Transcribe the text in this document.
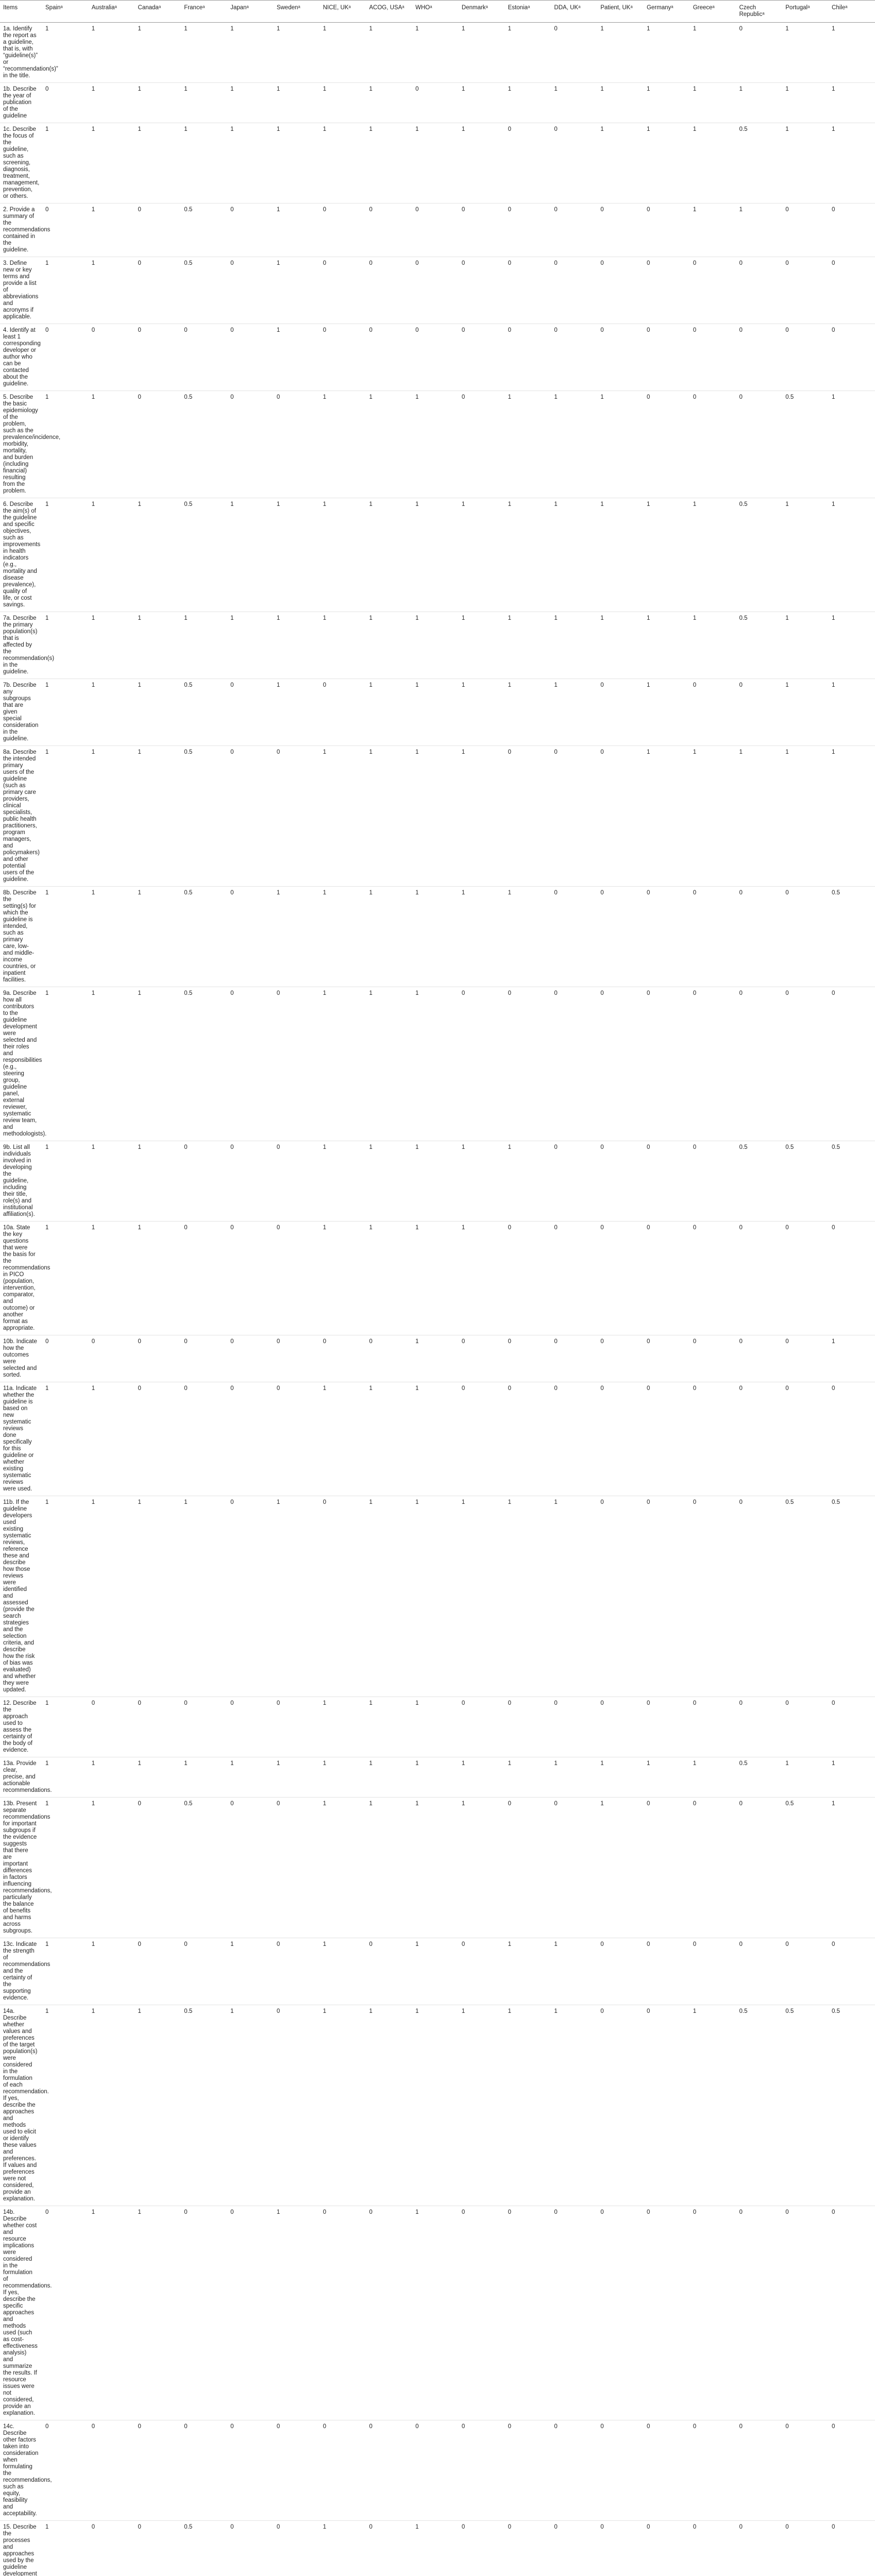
Items	Spainᵃ	Australiaᵃ	Canadaᵃ	Franceᵃ	Japanᵃ	Swedenᵃ	NICE, UKᵃ	ACOG, USAᵃ	WHOᵃ	Denmarkᵃ	Estoniaᵃ	DDA, UKᵃ	Patient, UKᵃ	Germanyᵃ	Greeceᵃ	Czech Republicᵃ	Portugalᵃ	Chileᵃ
1a. Identify the report as a guideline, that is, with “guideline(s)” or “recommendation(s)” in the title.	1	1	1	1	1	1	1	1	1	1	1	0	1	1	1	0	1	1
1b. Describe the year of publication of the guideline	0	1	1	1	1	1	1	1	0	1	1	1	1	1	1	1	1	1
1c. Describe the focus of the guideline, such as screening, diagnosis, treatment, management, prevention, or others.	1	1	1	1	1	1	1	1	1	1	0	0	1	1	1	0.5	1	1
2. Provide a summary of the recommendations contained in the guideline.	0	1	0	0.5	0	1	0	0	0	0	0	0	0	0	1	1	0	0
3. Define new or key terms and provide a list of abbreviations and acronyms if applicable.	1	1	0	0.5	0	1	0	0	0	0	0	0	0	0	0	0	0	0
4. Identify at least 1 corresponding developer or author who can be contacted about the guideline.	0	0	0	0	0	1	0	0	0	0	0	0	0	0	0	0	0	0
5. Describe the basic epidemiology of the problem, such as the prevalence/incidence, morbidity, mortality, and burden (including financial) resulting from the problem.	1	1	0	0.5	0	0	1	1	1	0	1	1	1	0	0	0	0.5	1
6. Describe the aim(s) of the guideline and specific objectives, such as improvements in health indicators (e.g., mortality and disease prevalence), quality of life, or cost savings.	1	1	1	0.5	1	1	1	1	1	1	1	1	1	1	1	0.5	1	1
7a. Describe the primary population(s) that is affected by the recommendation(s) in the guideline.	1	1	1	1	1	1	1	1	1	1	1	1	1	1	1	0.5	1	1
7b. Describe any subgroups that are given special consideration in the guideline.	1	1	1	0.5	0	1	0	1	1	1	1	1	0	1	0	0	1	1
8a. Describe the intended primary users of the guideline (such as primary care providers, clinical specialists, public health practitioners, program managers, and policymakers) and other potential users of the guideline.	1	1	1	0.5	0	0	1	1	1	1	0	0	0	1	1	1	1	1
8b. Describe the setting(s) for which the guideline is intended, such as primary care, low- and middle-income countries, or inpatient facilities.	1	1	1	0.5	0	1	1	1	1	1	1	0	0	0	0	0	0	0.5
9a. Describe how all contributors to the guideline development were selected and their roles and responsibilities (e.g., steering group, guideline panel, external reviewer, systematic review team, and methodologists).	1	1	1	0.5	0	0	1	1	1	0	0	0	0	0	0	0	0	0
9b. List all individuals involved in developing the guideline, including their title, role(s) and institutional affiliation(s).	1	1	1	0	0	0	1	1	1	1	1	0	0	0	0	0.5	0.5	0.5
10a. State the key questions that were the basis for the recommendations in PICO (population, intervention, comparator, and outcome) or another format as appropriate.	1	1	1	0	0	0	1	1	1	1	0	0	0	0	0	0	0	0
10b. Indicate how the outcomes were selected and sorted.	0	0	0	0	0	0	0	0	1	0	0	0	0	0	0	0	0	1
11a. Indicate whether the guideline is based on new systematic reviews done specifically for this guideline or whether existing systematic reviews were used.	1	1	0	0	0	0	1	1	1	0	0	0	0	0	0	0	0	0
11b. If the guideline developers used existing systematic reviews, reference these and describe how those reviews were identified and assessed (provide the search strategies and the selection criteria, and describe how the risk of bias was evaluated) and whether they were updated.	1	1	1	1	0	1	0	1	1	1	1	1	0	0	0	0	0.5	0.5
12. Describe the approach used to assess the certainty of the body of evidence.	1	0	0	0	0	0	1	1	1	0	0	0	0	0	0	0	0	0
13a. Provide clear, precise, and actionable recommendations.	1	1	1	1	1	1	1	1	1	1	1	1	1	1	1	0.5	1	1
13b. Present separate recommendations for important subgroups if the evidence suggests that there are important differences in factors influencing recommendations, particularly the balance of benefits and harms across subgroups.	1	1	0	0.5	0	0	1	1	1	1	0	0	1	0	0	0	0.5	1
13c. Indicate the strength of recommendations and the certainty of the supporting evidence.	1	1	0	0	1	0	1	0	1	0	1	1	0	0	0	0	0	0
14a. Describe whether values and preferences of the target population(s) were considered in the formulation of each recommendation. If yes, describe the approaches and methods used to elicit or identify these values and preferences. If values and preferences were not considered, provide an explanation.	1	1	1	0.5	1	0	1	1	1	1	1	1	0	0	1	0.5	0.5	0.5
14b. Describe whether cost and resource implications were considered in the formulation of recommendations. If yes, describe the specific approaches and methods used (such as cost-effectiveness analysis) and summarize the results. If resource issues were not considered, provide an explanation.	0	1	1	0	0	1	0	0	1	0	0	0	0	0	0	0	0	0
14c. Describe other factors taken into consideration when formulating the recommendations, such as equity, feasibility and acceptability.	0	0	0	0	0	0	0	0	0	0	0	0	0	0	0	0	0	0
15. Describe the processes and approaches used by the guideline development	1	0	0	0.5	0	0	1	0	1	0	0	0	0	0	0	0	0	0
